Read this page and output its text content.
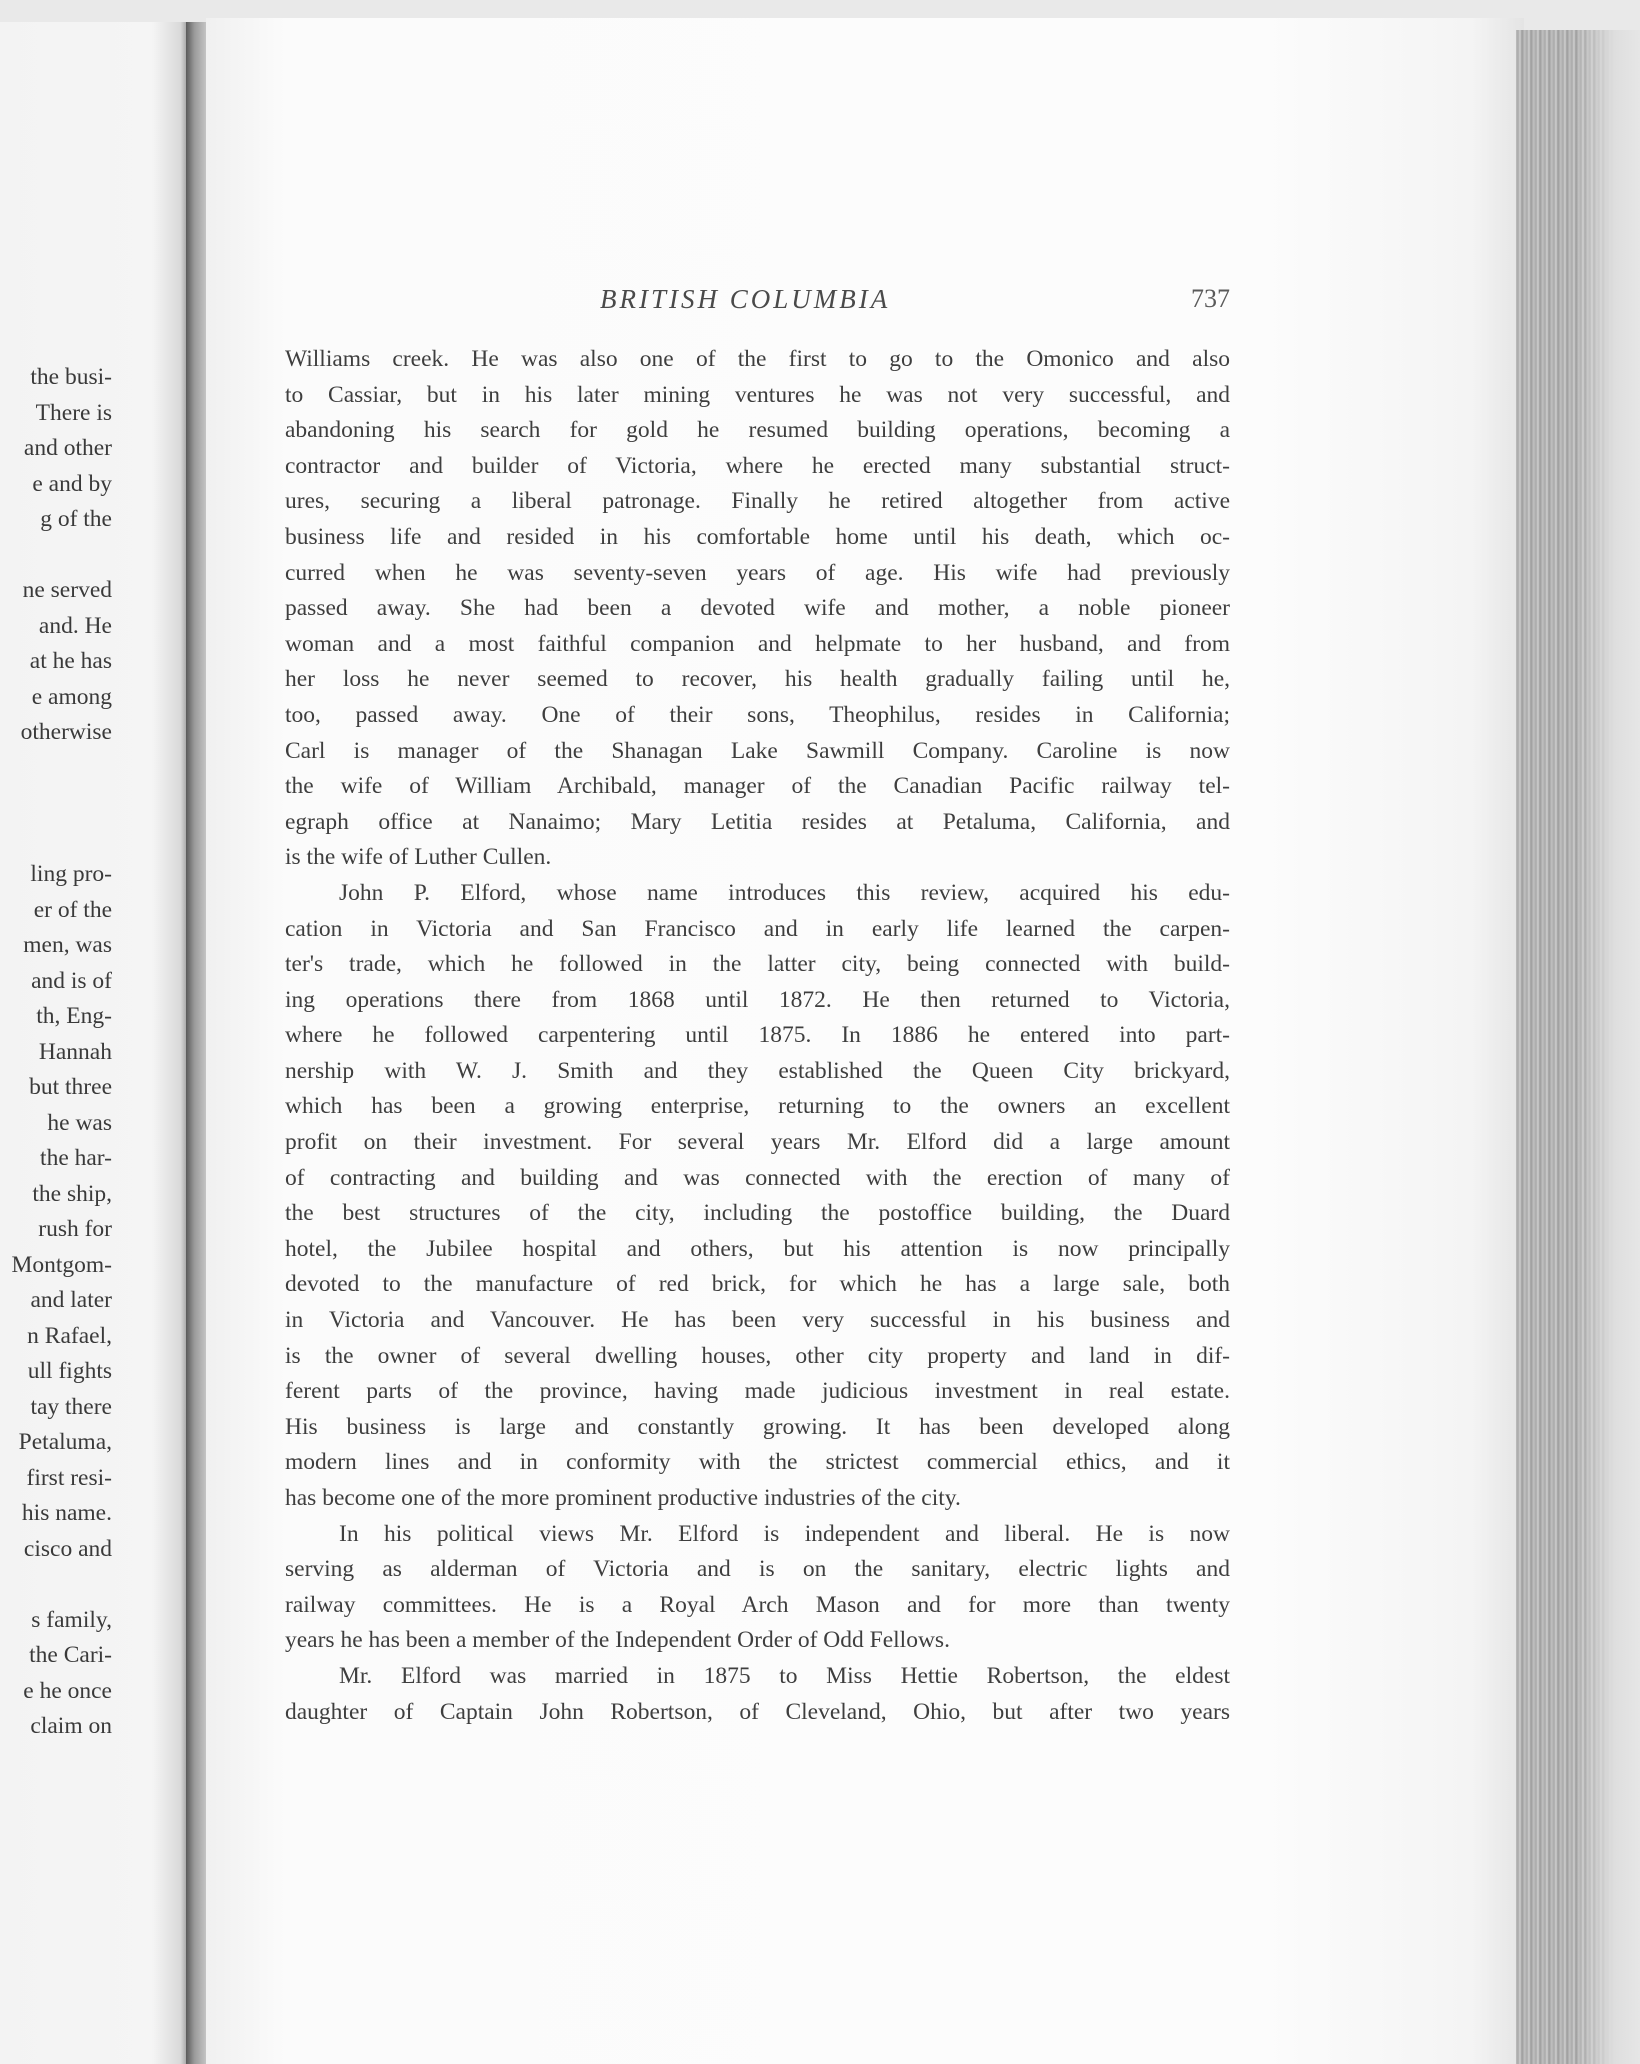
the busi-
There is
and other
e and by
g of the
ne served
and. He
at he has
e among
otherwise
ling pro-
er of the
men, was
and is of
th, Eng-
Hannah
but three
he was
the har-
the ship,
rush for
Montgom-
and later
n Rafael,
ull fights
tay there
Petaluma,
first resi-
his name.
cisco and
s family,
the Cari-
e he once
claim on
BRITISH COLUMBIA	737
Williams creek. He was also one of the first to go to the Omonico and also
to Cassiar, but in his later mining ventures he was not very successful, and
abandoning his search for gold he resumed building operations, becoming a
contractor and builder of Victoria, where he erected many substantial struct-
ures, securing a liberal patronage. Finally he retired altogether from active
business life and resided in his comfortable home until his death, which oc-
curred when he was seventy-seven years of age. His wife had previously
passed away. She had been a devoted wife and mother, a noble pioneer
woman and a most faithful companion and helpmate to her husband, and from
her loss he never seemed to recover, his health gradually failing until he,
too, passed away. One of their sons, Theophilus, resides in California;
Carl is manager of the Shanagan Lake Sawmill Company. Caroline is now
the wife of William Archibald, manager of the Canadian Pacific railway tel-
egraph office at Nanaimo; Mary Letitia resides at Petaluma, California, and
is the wife of Luther Cullen.
John P. Elford, whose name introduces this review, acquired his edu-
cation in Victoria and San Francisco and in early life learned the carpen-
ter's trade, which he followed in the latter city, being connected with build-
ing operations there from 1868 until 1872. He then returned to Victoria,
where he followed carpentering until 1875. In 1886 he entered into part-
nership with W. J. Smith and they established the Queen City brickyard,
which has been a growing enterprise, returning to the owners an excellent
profit on their investment. For several years Mr. Elford did a large amount
of contracting and building and was connected with the erection of many of
the best structures of the city, including the postoffice building, the Duard
hotel, the Jubilee hospital and others, but his attention is now principally
devoted to the manufacture of red brick, for which he has a large sale, both
in Victoria and Vancouver. He has been very successful in his business and
is the owner of several dwelling houses, other city property and land in dif-
ferent parts of the province, having made judicious investment in real estate.
His business is large and constantly growing. It has been developed along
modern lines and in conformity with the strictest commercial ethics, and it
has become one of the more prominent productive industries of the city.
In his political views Mr. Elford is independent and liberal. He is now
serving as alderman of Victoria and is on the sanitary, electric lights and
railway committees. He is a Royal Arch Mason and for more than twenty
years he has been a member of the Independent Order of Odd Fellows.
Mr. Elford was married in 1875 to Miss Hettie Robertson, the eldest
daughter of Captain John Robertson, of Cleveland, Ohio, but after two years
